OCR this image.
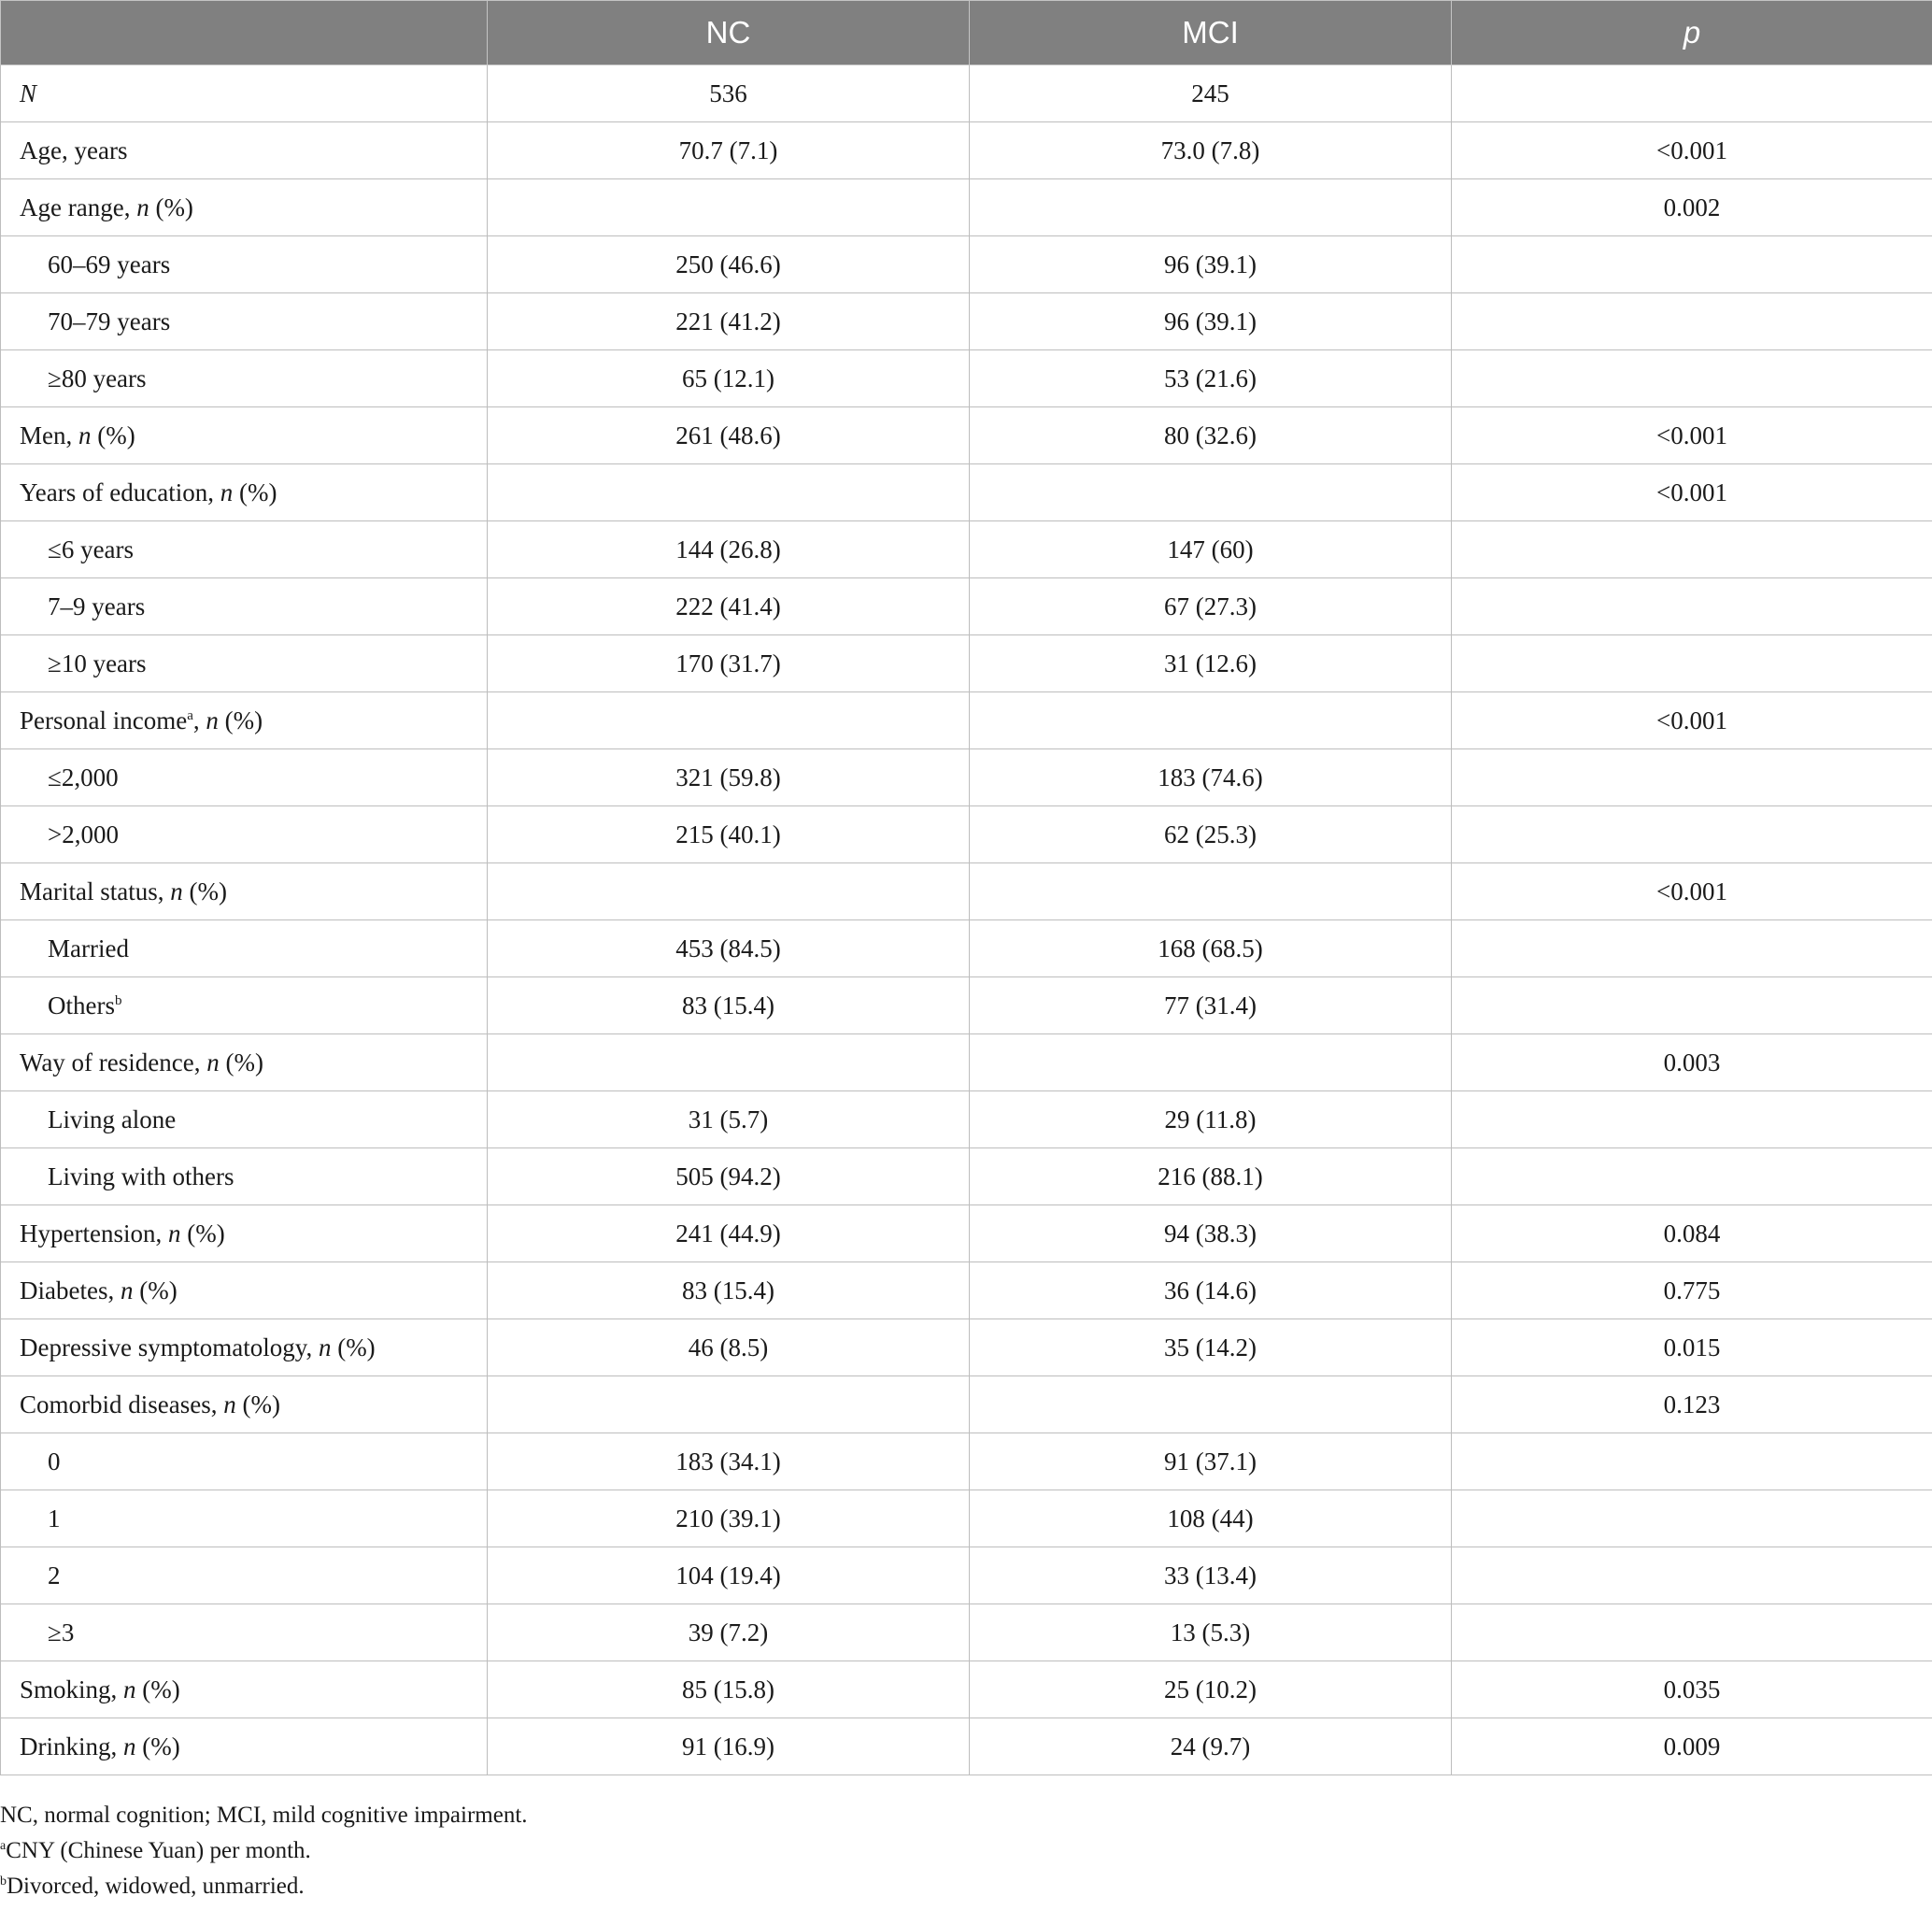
	NC	MCI	p
N	536	245	
Age, years	70.7 (7.1)	73.0 (7.8)	<0.001
Age range, n (%)			0.002
60–69 years	250 (46.6)	96 (39.1)	
70–79 years	221 (41.2)	96 (39.1)	
≥80 years	65 (12.1)	53 (21.6)	
Men, n (%)	261 (48.6)	80 (32.6)	<0.001
Years of education, n (%)			<0.001
≤6 years	144 (26.8)	147 (60)	
7–9 years	222 (41.4)	67 (27.3)	
≥10 years	170 (31.7)	31 (12.6)	
Personal income$^a$, n (%)			<0.001
≤2,000	321 (59.8)	183 (74.6)	
>2,000	215 (40.1)	62 (25.3)	
Marital status, n (%)			<0.001
Married	453 (84.5)	168 (68.5)	
Others$^b$	83 (15.4)	77 (31.4)	
Way of residence, n (%)			0.003
Living alone	31 (5.7)	29 (11.8)	
Living with others	505 (94.2)	216 (88.1)	
Hypertension, n (%)	241 (44.9)	94 (38.3)	0.084
Diabetes, n (%)	83 (15.4)	36 (14.6)	0.775
Depressive symptomatology, n (%)	46 (8.5)	35 (14.2)	0.015
Comorbid diseases, n (%)			0.123
0	183 (34.1)	91 (37.1)	
1	210 (39.1)	108 (44)	
2	104 (19.4)	33 (13.4)	
≥3	39 (7.2)	13 (5.3)	
Smoking, n (%)	85 (15.8)	25 (10.2)	0.035
Drinking, n (%)	91 (16.9)	24 (9.7)	0.009
NC, normal cognition; MCI, mild cognitive impairment.
$^a$CNY (Chinese Yuan) per month.
$^b$Divorced, widowed, unmarried.
